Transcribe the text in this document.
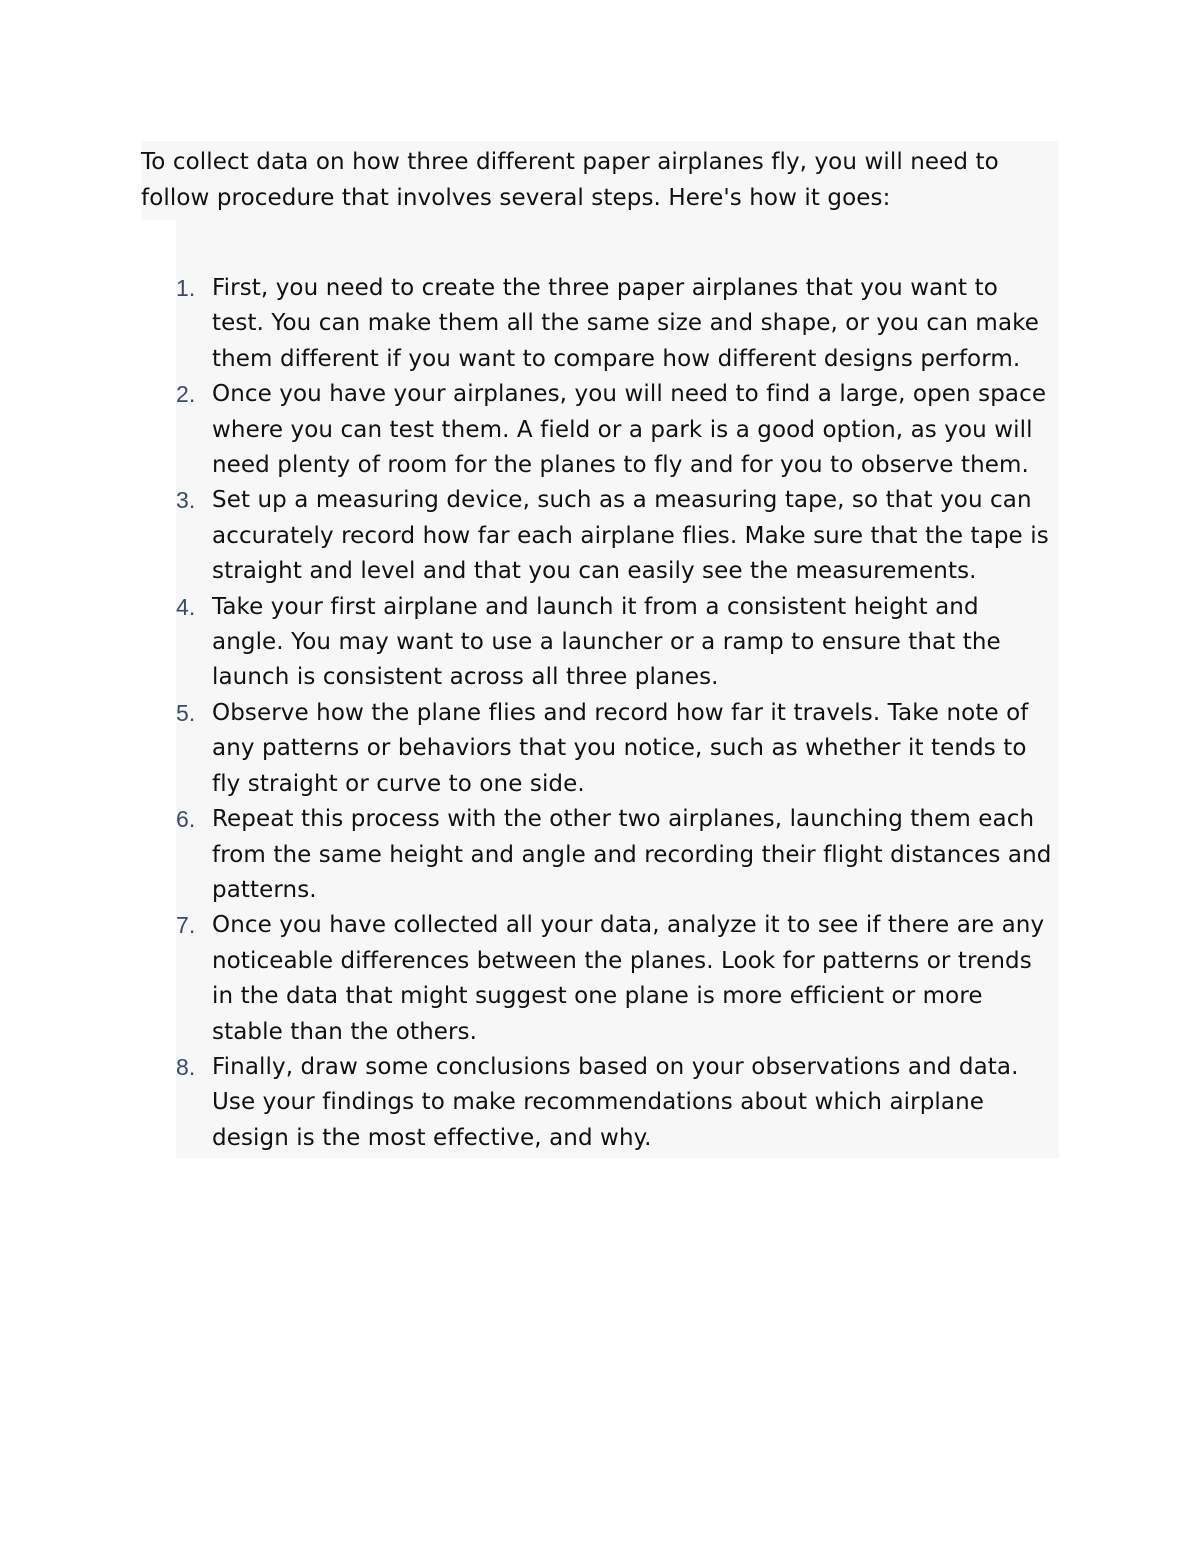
To collect data on how three different paper airplanes fly, you will need to follow procedure that involves several steps. Here's how it goes:

1. First, you need to create the three paper airplanes that you want to test. You can make them all the same size and shape, or you can make them different if you want to compare how different designs perform.
2. Once you have your airplanes, you will need to find a large, open space where you can test them. A field or a park is a good option, as you will need plenty of room for the planes to fly and for you to observe them.
3. Set up a measuring device, such as a measuring tape, so that you can accurately record how far each airplane flies. Make sure that the tape is straight and level and that you can easily see the measurements.
4. Take your first airplane and launch it from a consistent height and angle. You may want to use a launcher or a ramp to ensure that the launch is consistent across all three planes.
5. Observe how the plane flies and record how far it travels. Take note of any patterns or behaviors that you notice, such as whether it tends to fly straight or curve to one side.
6. Repeat this process with the other two airplanes, launching them each from the same height and angle and recording their flight distances and patterns.
7. Once you have collected all your data, analyze it to see if there are any noticeable differences between the planes. Look for patterns or trends in the data that might suggest one plane is more efficient or more stable than the others.
8. Finally, draw some conclusions based on your observations and data. Use your findings to make recommendations about which airplane design is the most effective, and why.
